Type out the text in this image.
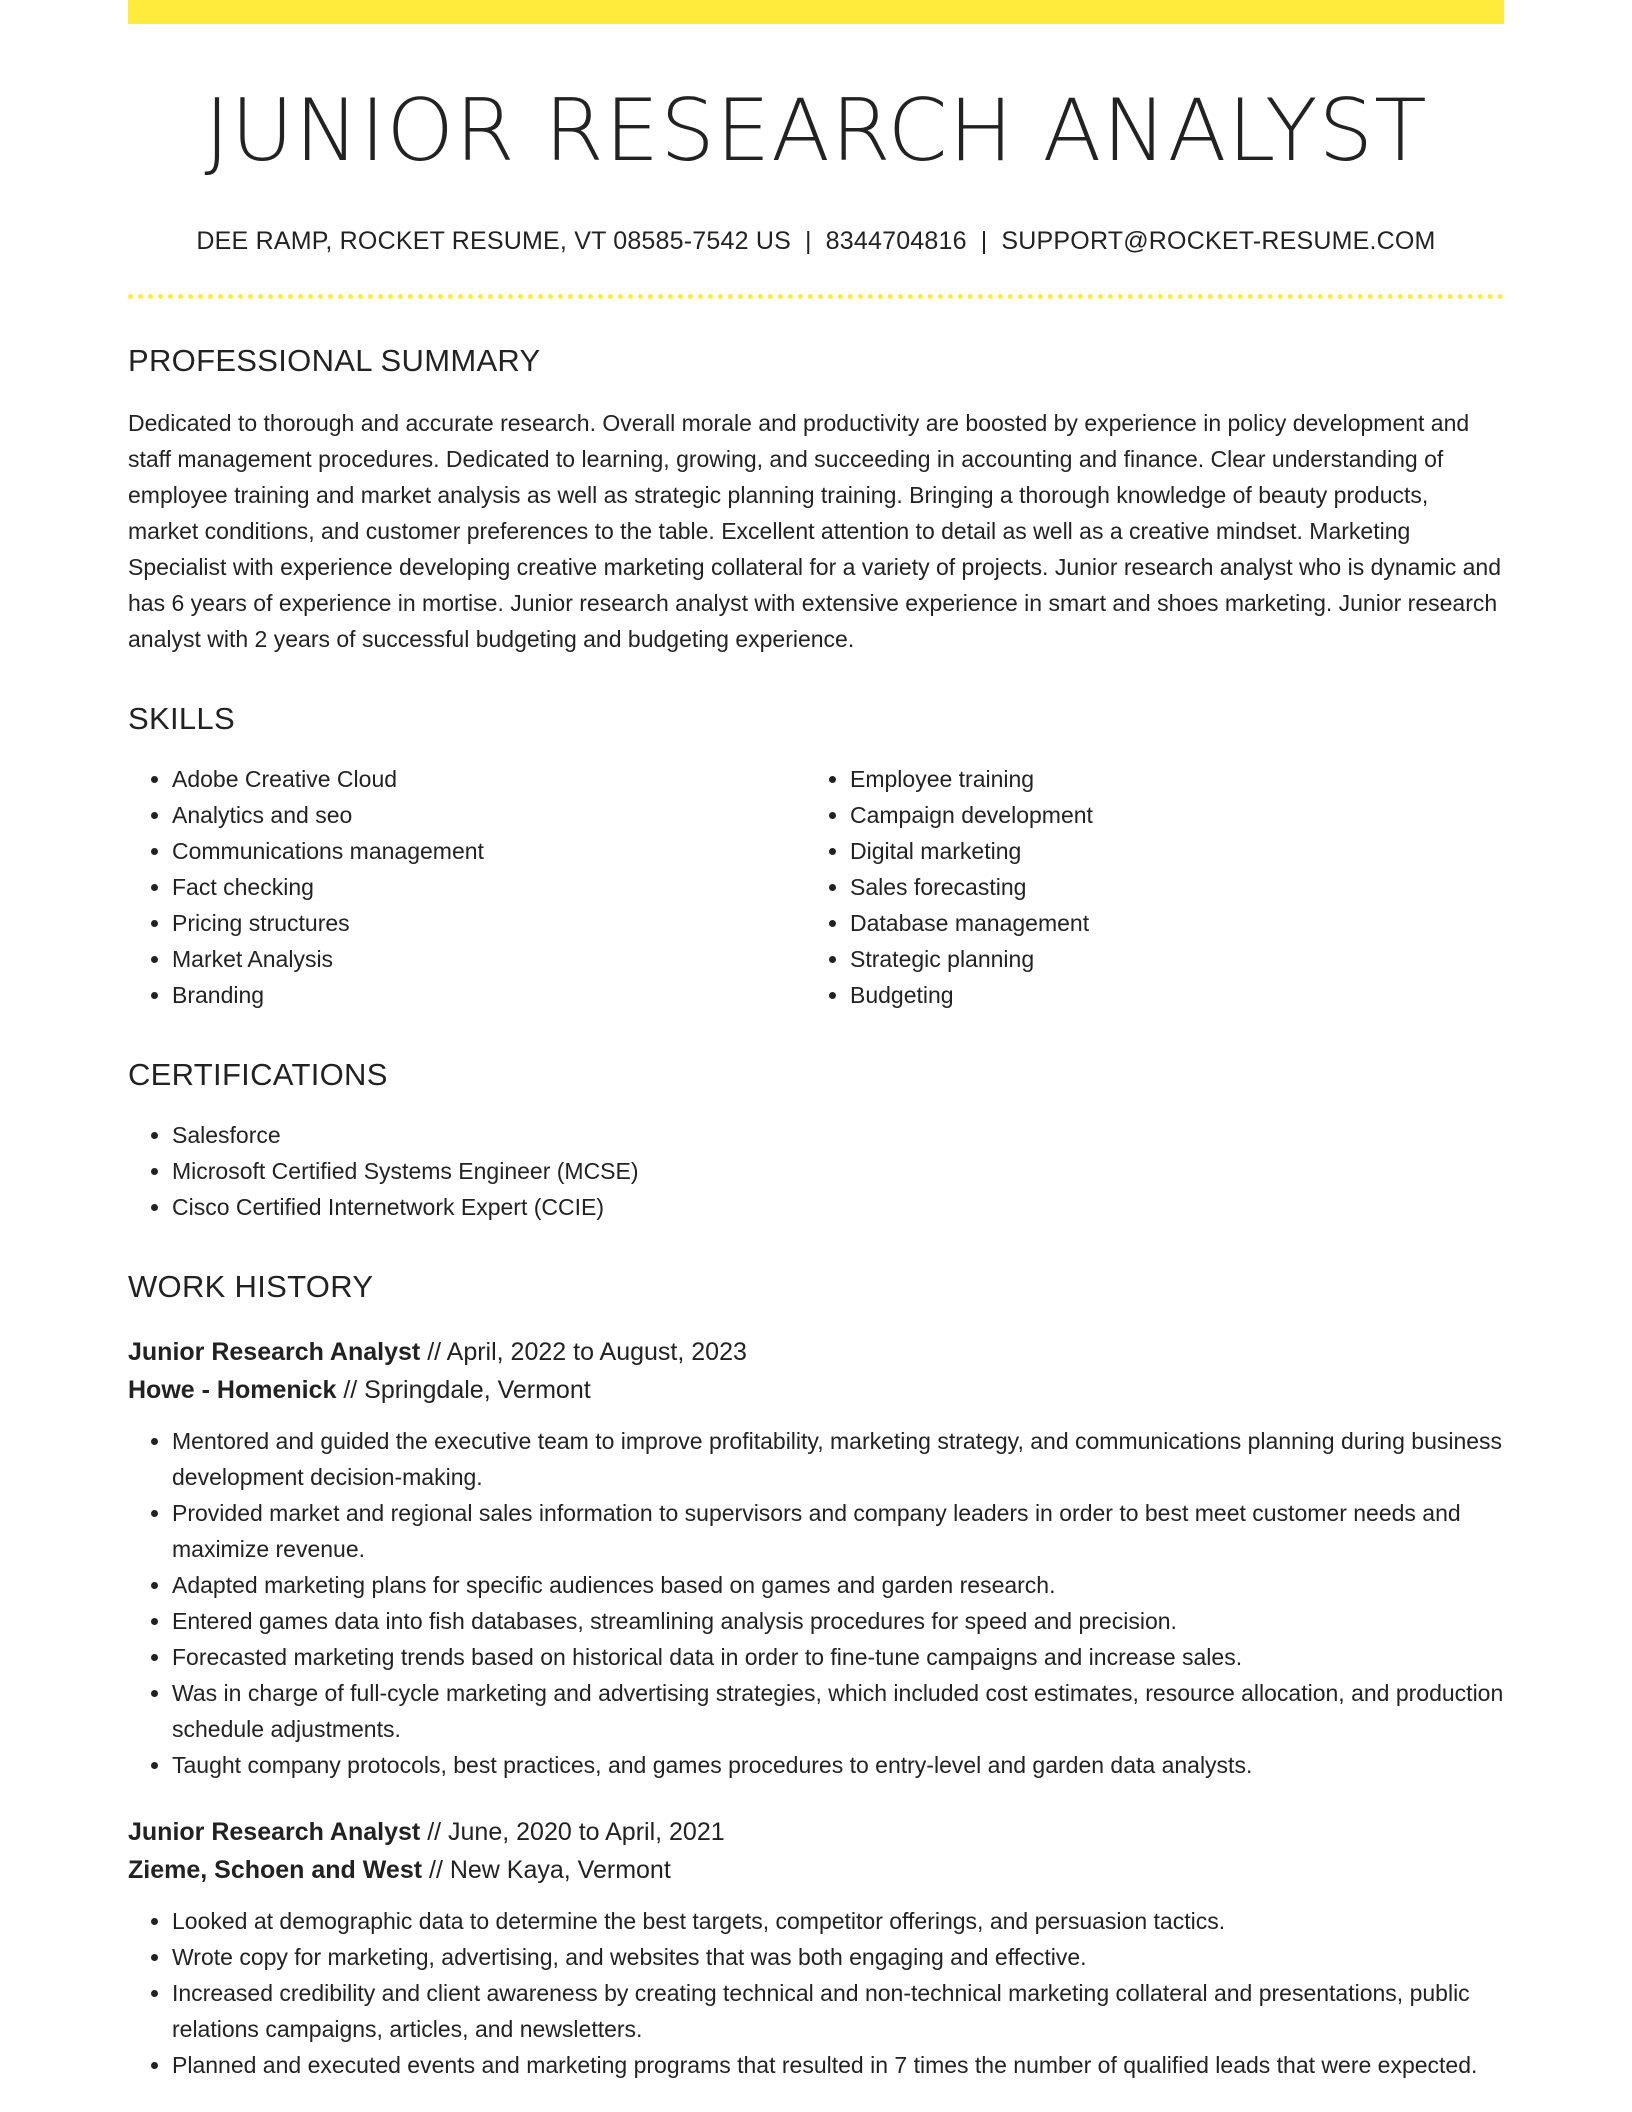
JUNIOR RESEARCH ANALYST
DEE RAMP, ROCKET RESUME, VT 08585-7542 US | 8344704816 | SUPPORT@ROCKET-RESUME.COM
PROFESSIONAL SUMMARY
Dedicated to thorough and accurate research. Overall morale and productivity are boosted by experience in policy development and staff management procedures. Dedicated to learning, growing, and succeeding in accounting and finance. Clear understanding of employee training and market analysis as well as strategic planning training. Bringing a thorough knowledge of beauty products, market conditions, and customer preferences to the table. Excellent attention to detail as well as a creative mindset. Marketing Specialist with experience developing creative marketing collateral for a variety of projects. Junior research analyst who is dynamic and has 6 years of experience in mortise. Junior research analyst with extensive experience in smart and shoes marketing. Junior research analyst with 2 years of successful budgeting and budgeting experience.
SKILLS
• Adobe Creative Cloud
• Analytics and seo
• Communications management
• Fact checking
• Pricing structures
• Market Analysis
• Branding
• Employee training
• Campaign development
• Digital marketing
• Sales forecasting
• Database management
• Strategic planning
• Budgeting
CERTIFICATIONS
• Salesforce
• Microsoft Certified Systems Engineer (MCSE)
• Cisco Certified Internetwork Expert (CCIE)
WORK HISTORY
Junior Research Analyst // April, 2022 to August, 2023
Howe - Homenick // Springdale, Vermont
• Mentored and guided the executive team to improve profitability, marketing strategy, and communications planning during business development decision-making.
• Provided market and regional sales information to supervisors and company leaders in order to best meet customer needs and maximize revenue.
• Adapted marketing plans for specific audiences based on games and garden research.
• Entered games data into fish databases, streamlining analysis procedures for speed and precision.
• Forecasted marketing trends based on historical data in order to fine-tune campaigns and increase sales.
• Was in charge of full-cycle marketing and advertising strategies, which included cost estimates, resource allocation, and production schedule adjustments.
• Taught company protocols, best practices, and games procedures to entry-level and garden data analysts.
Junior Research Analyst // June, 2020 to April, 2021
Zieme, Schoen and West // New Kaya, Vermont
• Looked at demographic data to determine the best targets, competitor offerings, and persuasion tactics.
• Wrote copy for marketing, advertising, and websites that was both engaging and effective.
• Increased credibility and client awareness by creating technical and non-technical marketing collateral and presentations, public relations campaigns, articles, and newsletters.
• Planned and executed events and marketing programs that resulted in 7 times the number of qualified leads that were expected.
